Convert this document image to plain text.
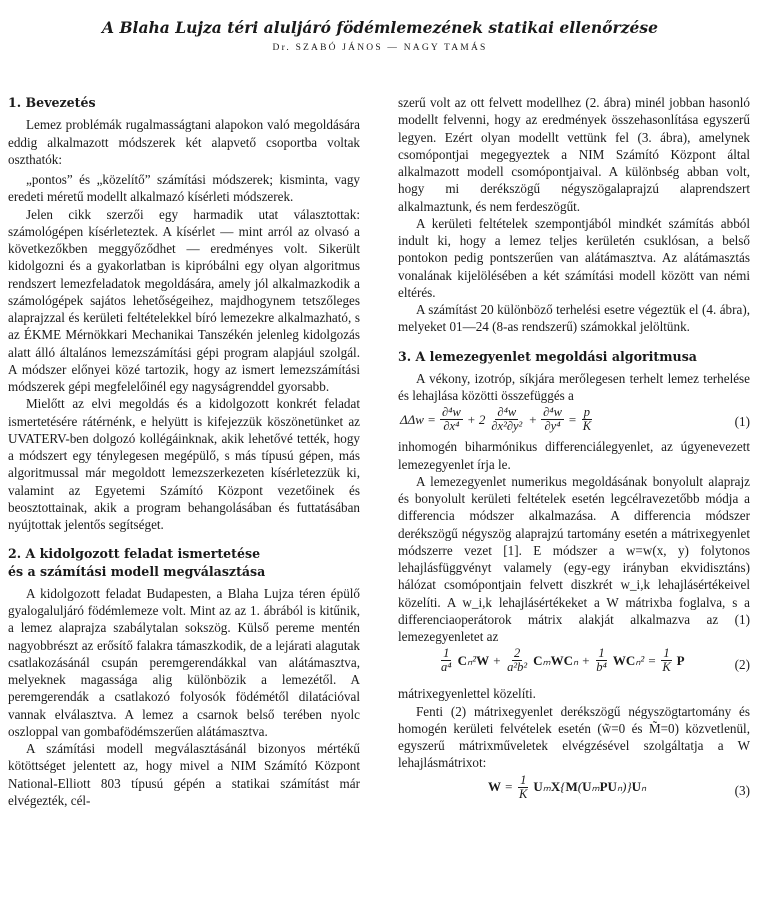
A Blaha Lujza téri aluljáró födémlemezének statikai ellenőrzése
Dr. SZABÓ JÁNOS — NAGY TAMÁS

1. Bevezetés

Lemez problémák rugalmasságtani alapokon való megoldására eddig alkalmazott módszerek két alapvető csoportba voltak oszthatók:

„pontos” és „közelítő” számítási módszerek; kisminta, vagy eredeti méretű modellt alkalmazó kísérleti módszerek.

Jelen cikk szerzői egy harmadik utat választottak: számológépen kísérleteztek. A kísérlet — mint arról az olvasó a következőkben meggyőződhet — eredményes volt. Sikerült kidolgozni és a gyakorlatban is kipróbálni egy olyan algoritmus rendszert lemezfeladatok megoldására, amely jól alkalmazkodik a számológépek sajátos lehetőségeihez, majdhogynem tetszőleges alaprajzzal és kerületi feltételekkel bíró lemezekre alkalmazható, s az ÉKME Mérnökkari Mechanikai Tanszékén jelenleg kidolgozás alatt álló általános lemezszámítási gépi program alapjául szolgál. A módszer előnyei közé tartozik, hogy az ismert lemezszámítási módszerek gépi megfelelőinél egy nagyságrenddel gyorsabb.

Mielőtt az elvi megoldás és a kidolgozott konkrét feladat ismertetésére rátérnénk, e helyütt is kifejezzük köszönetünket az UVATERV-ben dolgozó kollégáinknak, akik lehetővé tették, hogy a módszert egy ténylegesen megépülő, s más típusú gépen, más algoritmussal már megoldott lemezszerkezeten kísérletezzük ki, valamint az Egyetemi Számító Központ vezetőinek és beosztottainak, akik a program behangolásában és futtatásában nyújtottak jelentős segítséget.

2. A kidolgozott feladat ismertetése

és a számítási modell megválasztása

A kidolgozott feladat Budapesten, a Blaha Lujza téren épülő gyalogaluljáró födémlemeze volt. Mint az az 1. ábrából is kitűnik, a lemez alaprajza szabálytalan sokszög. Külső pereme mentén nagyobbrészt az erősítő falakra támaszkodik, de a lejárati alagutak csatlakozásánál csupán peremgerendákkal van alátámasztva, melyeknek magassága alig különbözik a lemezétől. A peremgerendák a csatlakozó folyosók födémétől dilatációval vannak elválasztva. A lemez a csarnok belső terében nyolc oszloppal van gombafödémszerűen alátámasztva.

A számítási modell megválasztásánál bizonyos mértékű kötöttséget jelentett az, hogy mivel a NIM Számító Központ National-Elliott 803 típusú gépén a statikai számítást már elvégezték, cél-

szerű volt az ott felvett modellhez (2. ábra) minél jobban hasonló modellt felvenni, hogy az eredmények összehasonlítása egyszerű legyen. Ezért olyan modellt vettünk fel (3. ábra), amelynek csomópontjai megegyeztek a NIM Számító Központ által alkalmazott modell csomópontjaival. A különbség abban volt, hogy mi derékszögű négyszögalaprajzú alaprendszert alkalmaztunk, és nem ferdeszögűt.

A kerületi feltételek szempontjából mindkét számítás abból indult ki, hogy a lemez teljes kerületén csuklósan, a belső pontokon pedig pontszerűen van alátámasztva. Az alátámasztás vonalának kijelölésében a két számítási modell között van némi eltérés.

A számítást 20 különböző terhelési esetre végeztük el (4. ábra), melyeket 01—24 (8-as rendszerű) számokkal jelöltünk.

3. A lemezegyenlet megoldási algoritmusa

A vékony, izotróp, síkjára merőlegesen terhelt lemez terhelése és lehajlása közötti összefüggés a

$\Delta\Delta w = \frac{\text{∂⁴w}}{\text{∂x⁴}} + 2 \frac{\text{∂⁴w}}{\text{∂x²∂y²}} + \frac{\text{∂⁴w}}{\text{∂y⁴}} = \frac{p}{K}$	(1)

inhomogén biharmónikus differenciálegyenlet, az úgyenevezett lemezegyenlet írja le.

A lemezegyenlet numerikus megoldásának bonyolult alaprajz és bonyolult kerületi feltételek esetén legcélravezetőbb módja a differencia módszer alkalmazása. A differencia módszer derékszögű négyszög alaprajzú tartomány esetén a mátrixegyenlet módszerre vezet [1]. E módszer a w=w(x, y) folytonos lehajlásfüggvényt valamely (egy-egy irányban ekvidisztáns) hálózat csomópontjain felvett diszkrét w_i,k lehajlásértékeivel közelíti. A w_i,k lehajlásértékeket a W mátrixba foglalva, s a differenciaoperátorok mátrix alakját alkalmazva az (1) lemezegyenletet az

$\frac{1}{\text{a⁴}} C_n^2W + \frac{2}{\text{a²b²}}$ $C_mWC_n + \frac{1}{\text{b⁴}} WC_n^2 = \frac{1}{K}$ P	(2)

mátrixegyenlettel közelíti.

Fenti (2) mátrixegyenlet derékszögű négyszögtartomány és homogén kerületi felvételek esetén (w̃=0 és M̃=0) közvetlenül, egyszerű mátrixműveletek elvégzésével szolgáltatja a W lehajlásmátrixot:

$W = \frac{1}{K} U_mX\{M(U_mPU_n)\}U_n$	(3)
